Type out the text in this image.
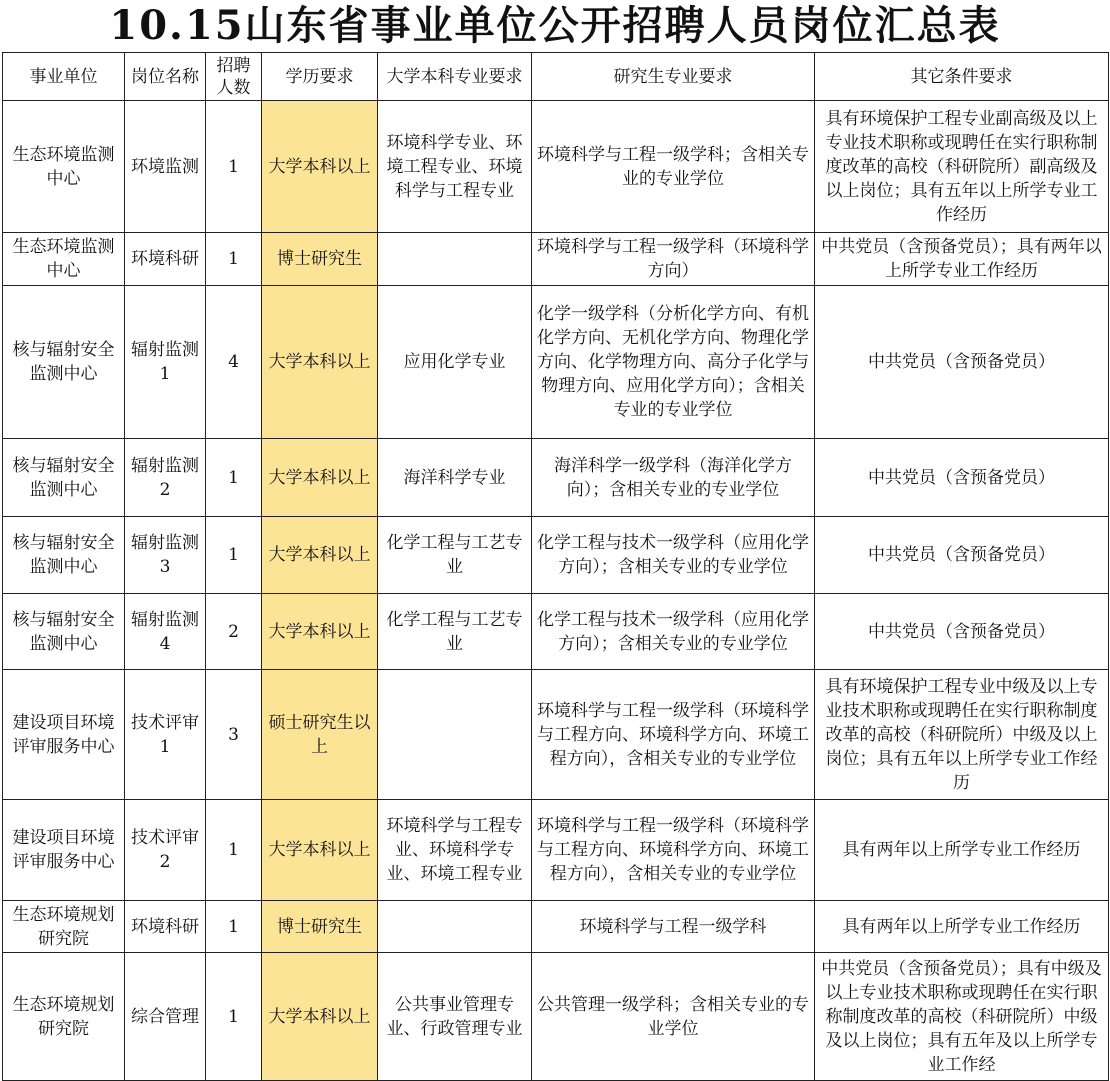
10.15山东省事业单位公开招聘人员岗位汇总表
事业单位	岗位名称	招聘人数	学历要求	大学本科专业要求	研究生专业要求	其它条件要求
生态环境监测中心	环境监测	1	大学本科以上	环境科学专业、环境工程专业、环境科学与工程专业	环境科学与工程一级学科；含相关专业的专业学位	具有环境保护工程专业副高级及以上专业技术职称或现聘任在实行职称制度改革的高校（科研院所）副高级及以上岗位；具有五年以上所学专业工作经历
生态环境监测中心	环境科研	1	博士研究生		环境科学与工程一级学科（环境科学方向）	中共党员（含预备党员）；具有两年以上所学专业工作经历
核与辐射安全监测中心	辐射监测1	4	大学本科以上	应用化学专业	化学一级学科（分析化学方向、有机化学方向、无机化学方向、物理化学方向、化学物理方向、高分子化学与物理方向、应用化学方向）；含相关专业的专业学位	中共党员（含预备党员）
核与辐射安全监测中心	辐射监测2	1	大学本科以上	海洋科学专业	海洋科学一级学科（海洋化学方向）；含相关专业的专业学位	中共党员（含预备党员）
核与辐射安全监测中心	辐射监测3	1	大学本科以上	化学工程与工艺专业	化学工程与技术一级学科（应用化学方向）；含相关专业的专业学位	中共党员（含预备党员）
核与辐射安全监测中心	辐射监测4	2	大学本科以上	化学工程与工艺专业	化学工程与技术一级学科（应用化学方向）；含相关专业的专业学位	中共党员（含预备党员）
建设项目环境评审服务中心	技术评审1	3	硕士研究生以上		环境科学与工程一级学科（环境科学与工程方向、环境科学方向、环境工程方向），含相关专业的专业学位	具有环境保护工程专业中级及以上专业技术职称或现聘任在实行职称制度改革的高校（科研院所）中级及以上岗位；具有五年以上所学专业工作经历
建设项目环境评审服务中心	技术评审2	1	大学本科以上	环境科学与工程专业、环境科学专业、环境工程专业	环境科学与工程一级学科（环境科学与工程方向、环境科学方向、环境工程方向），含相关专业的专业学位	具有两年以上所学专业工作经历
生态环境规划研究院	环境科研	1	博士研究生		环境科学与工程一级学科	具有两年以上所学专业工作经历
生态环境规划研究院	综合管理	1	大学本科以上	公共事业管理专业、行政管理专业	公共管理一级学科；含相关专业的专业学位	中共党员（含预备党员）；具有中级及以上专业技术职称或现聘任在实行职称制度改革的高校（科研院所）中级及以上岗位；具有五年及以上所学专业工作经
